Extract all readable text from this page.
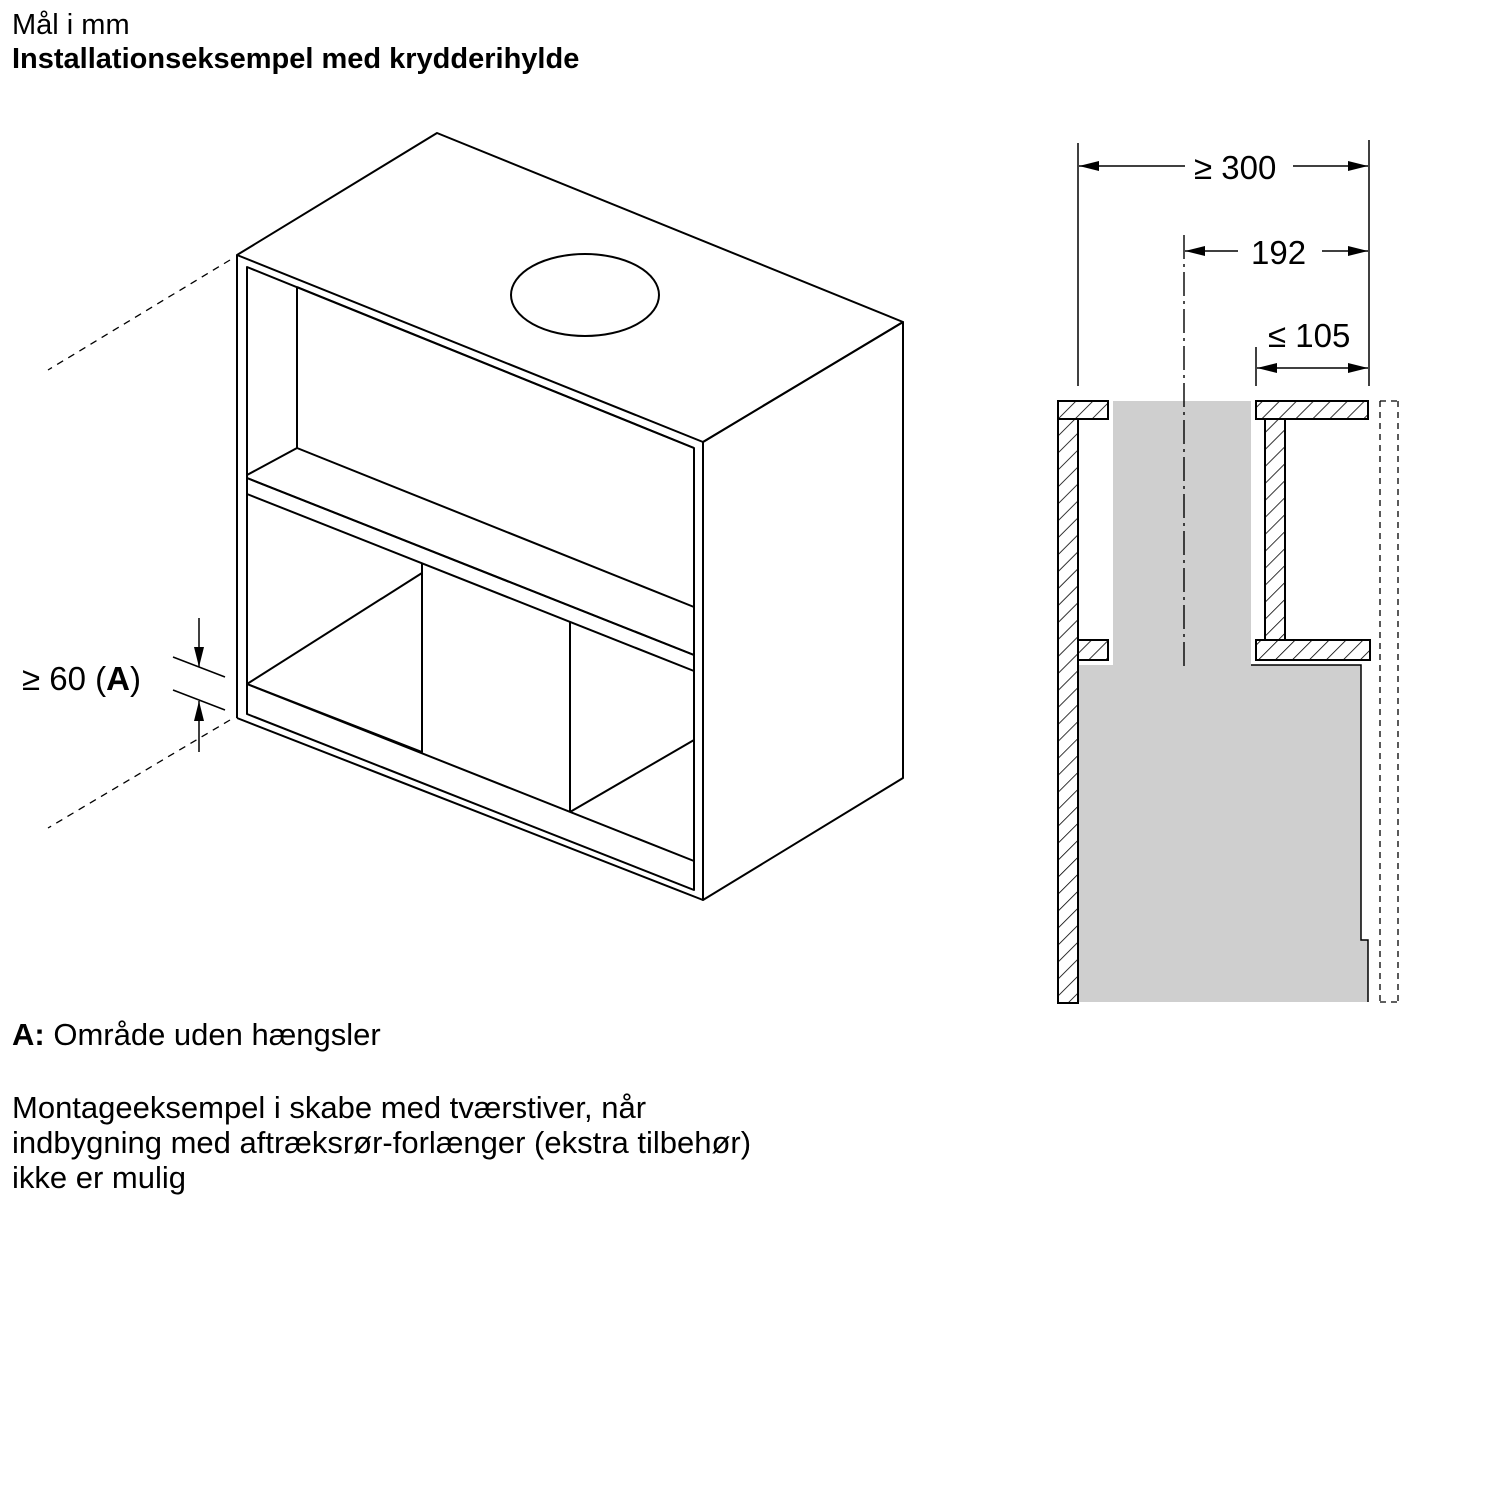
Mål i mm
Installationseksempel med krydderihylde
≥ 60 (A)
≥ 300
192
≤ 105
A: Område uden hængsler

Montageeksempel i skabe med tværstiver, når

indbygning med aftræksrør-forlænger (ekstra tilbehør)

ikke er mulig
